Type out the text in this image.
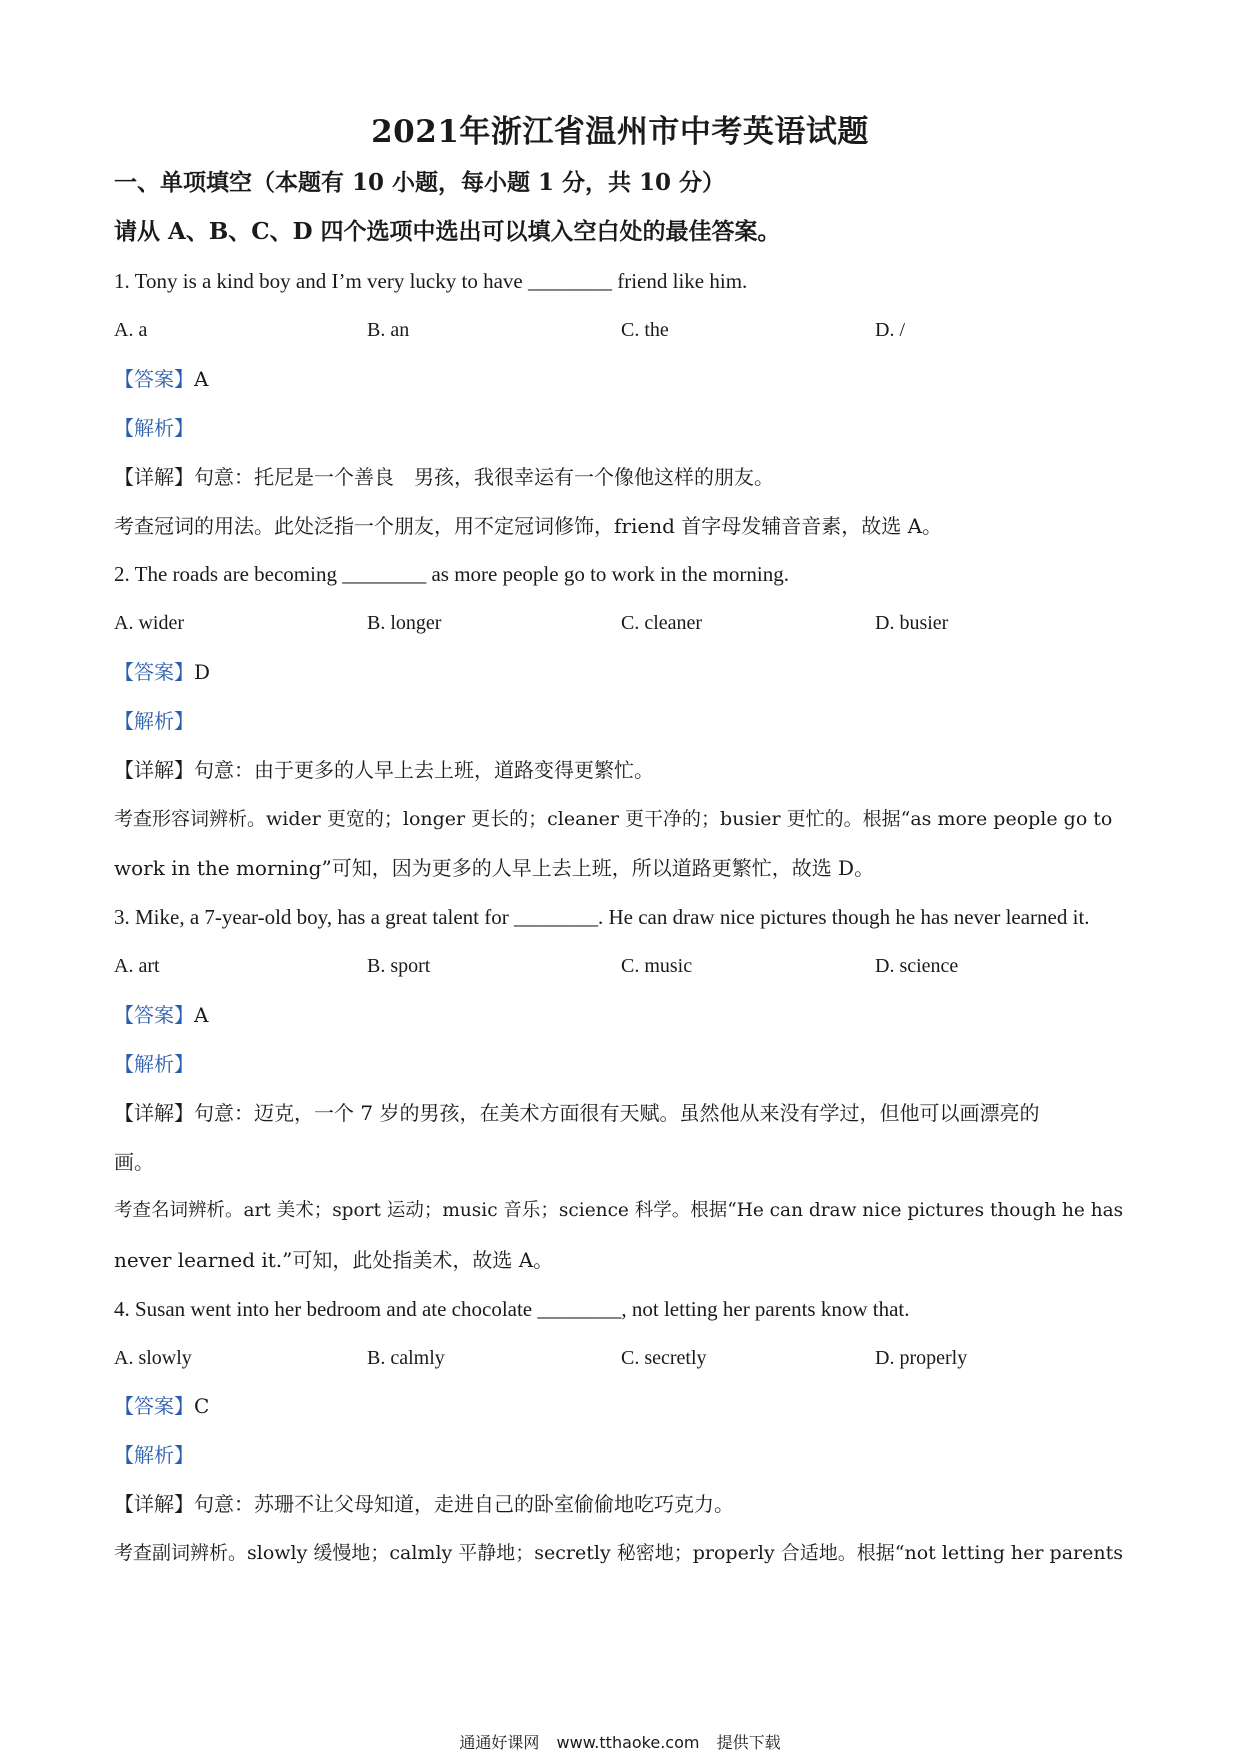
2021年浙江省温州市中考英语试题
一、单项填空（本题有 10 小题，每小题 1 分，共 10 分）
请从 A、B、C、D 四个选项中选出可以填入空白处的最佳答案。
1. Tony is a kind boy and I’m very lucky to have ________ friend like him.
A. a	B. an	C. the	D. /
【答案】A
【解析】
【详解】句意：托尼是一个善良　男孩，我很幸运有一个像他这样的朋友。
考查冠词的用法。此处泛指一个朋友，用不定冠词修饰，friend 首字母发辅音音素，故选 A。
2. The roads are becoming ________ as more people go to work in the morning.
A. wider	B. longer	C. cleaner	D. busier
【答案】D
【解析】
【详解】句意：由于更多的人早上去上班，道路变得更繁忙。
考查形容词辨析。wider 更宽的；longer 更长的；cleaner 更干净的；busier 更忙的。根据“as more people go to
work in the morning”可知，因为更多的人早上去上班，所以道路更繁忙，故选 D。
3. Mike, a 7-year-old boy, has a great talent for ________. He can draw nice pictures though he has never learned it.
A. art	B. sport	C. music	D. science
【答案】A
【解析】
【详解】句意：迈克，一个 7 岁的男孩，在美术方面很有天赋。虽然他从来没有学过，但他可以画漂亮的
画。
考查名词辨析。art 美术；sport 运动；music 音乐；science 科学。根据“He can draw nice pictures though he has
never learned it.”可知，此处指美术，故选 A。
4. Susan went into her bedroom and ate chocolate ________, not letting her parents know that.
A. slowly	B. calmly	C. secretly	D. properly
【答案】C
【解析】
【详解】句意：苏珊不让父母知道，走进自己的卧室偷偷地吃巧克力。
考查副词辨析。slowly 缓慢地；calmly 平静地；secretly 秘密地；properly 合适地。根据“not letting her parents
通通好课网 www.tthaoke.com 提供下载
